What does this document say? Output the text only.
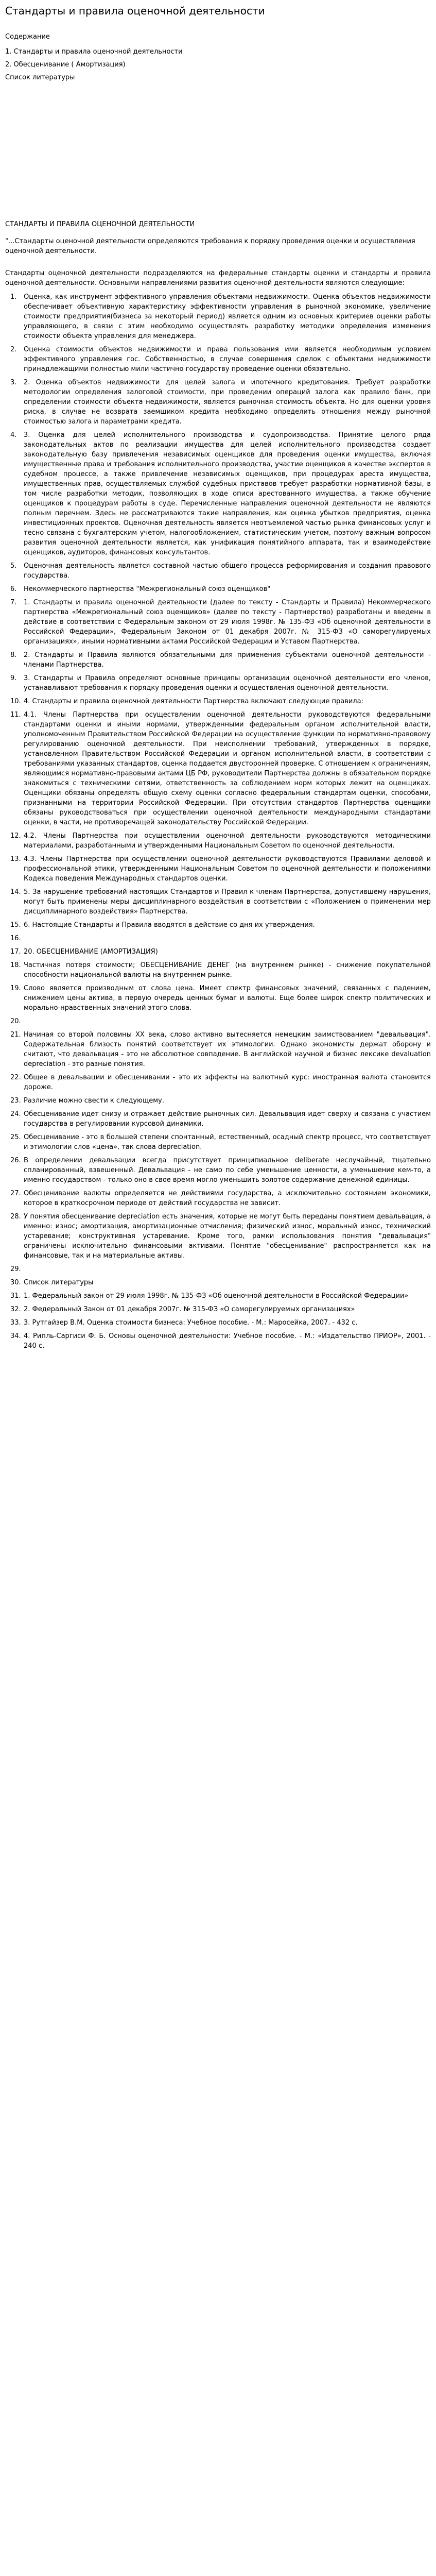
Стандарты и правила оценочной деятельности

Содержание

1. Стандарты и правила оценочной деятельности

2. Обесценивание ( Амортизация)

Список литературы

СТАНДАРТЫ И ПРАВИЛА ОЦЕНОЧНОЙ ДЕЯТЕЛЬНОСТИ

"...Стандарты оценочной деятельности определяются требования к порядку проведения оценки и осуществления оценочной деятельности.

Стандарты оценочной деятельности подразделяются на федеральные стандарты оценки и стандарты и правила оценочной деятельности. Основными направлениями развития оценочной деятельности являются следующие:

1.	Оценка, как инструмент эффективного управления объектами недвижимости. Оценка объектов недвижимости обеспечивает объективную характеристику эффективности управления в рыночной экономике, увеличение стоимости предприятия(бизнеса за некоторый период) является одним из основных критериев оценки работы управляющего, в связи с этим необходимо осуществлять разработку методики определения изменения стоимости объекта управления для менеджера.
2.	Оценка стоимости объектов недвижимости и права пользования ими является необходимым условием эффективного управления гос. Собственностью, в случае совершения сделок с объектами недвижимости принадлежащими полностью мили частично государству проведение оценки обязательно.
3.	2. Оценка объектов недвижимости для целей залога и ипотечного кредитования. Требует разработки методологии определения залоговой стоимости, при проведении операций залога как правило банк, при определении стоимости объекта недвижимости, является рыночная стоимость объекта. Но для оценки уровня риска, в случае не возврата заемщиком кредита необходимо определить отношения между рыночной стоимостью залога и параметрами кредита.
4.	3. Оценка для целей исполнительного производства и судопроизводства. Принятие целого ряда законодательных актов по реализации имущества для целей исполнительного производства создает законодательную базу привлечения независимых оценщиков для проведения оценки имущества, включая имущественные права и требования исполнительного производства, участие оценщиков в качестве экспертов в судебном процессе, а также привлечение независимых оценщиков, при процедурах ареста имущества, имущественных прав, осуществляемых службой судебных приставов требует разработки нормативной базы, в том числе разработки методик, позволяющих в ходе описи арестованного имущества, а также обучение оценщиков к процедурам работы в суде. Перечисленные направления оценочной деятельности не являются полным перечнем. Здесь не рассматриваются такие направления, как оценка убытков предприятия, оценка инвестиционных проектов. Оценочная деятельность является неотъемлемой частью рынка финансовых услуг и тесно связана с бухгалтерским учетом, налогообложением, статистическим учетом, поэтому важным вопросом развития оценочной деятельности является, как унификация понятийного аппарата, так и взаимодействие оценщиков, аудиторов, финансовых консультантов.
5.	Оценочная деятельность является составной частью общего процесса реформирования и создания правового государства.
6.	Некоммерческого партнерства "Межрегиональный союз оценщиков"
7.	1. Стандарты и правила оценочной деятельности (далее по тексту - Стандарты и Правила) Некоммерческого партнерства «Межрегиональный союз оценщиков» (далее по тексту - Партнерство) разработаны и введены в действие в соответствии с Федеральным законом от 29 июля 1998г. № 135-ФЗ «Об оценочной деятельности в Российской Федерации», Федеральным Законом от 01 декабря 2007г. № 315-ФЗ «О саморегулируемых организациях», иными нормативными актами Российской Федерации и Уставом Партнерства.
8.	2. Стандарты и Правила являются обязательными для применения субъектами оценочной деятельности - членами Партнерства.
9.	3. Стандарты и Правила определяют основные принципы организации оценочной деятельности его членов, устанавливают требования к порядку проведения оценки и осуществления оценочной деятельности.
10. 4. Стандарты и правила оценочной деятельности Партнерства включают следующие правила:
11. 4.1. Члены Партнерства при осуществлении оценочной деятельности руководствуются федеральными стандартами оценки и иными нормами, утвержденными федеральным органом исполнительной власти, уполномоченным Правительством Российской Федерации на осуществление функции по нормативно-правовому регулированию оценочной деятельности. При неисполнении требований, утвержденных в порядке, установленном Правительством Российской Федерации и органом исполнительной власти, в соответствии с требованиями указанных стандартов, оценка поддается двусторонней проверке. С отношением к ограничениям, являющимся нормативно-правовыми актами ЦБ РФ, руководители Партнерства должны в обязательном порядке знакомиться с техническими сетями, ответственность за соблюдением норм которых лежит на оценщиках. Оценщики обязаны определять общую схему оценки согласно федеральным стандартам оценки, способами, признанными на территории Российской Федерации. При отсутствии стандартов Партнерства оценщики обязаны руководствоваться при осуществлении оценочной деятельности международными стандартами оценки, в части, не противоречащей законодательству Российской Федерации.
12. 4.2. Члены Партнерства при осуществлении оценочной деятельности руководствуются методическими материалами, разработанными и утвержденными Национальным Советом по оценочной деятельности.
13. 4.3. Члены Партнерства при осуществлении оценочной деятельности руководствуются Правилами деловой и профессиональной этики, утвержденными Национальным Советом по оценочной деятельности и положениями Кодекса поведения Международных стандартов оценки.
14. 5. За нарушение требований настоящих Стандартов и Правил к членам Партнерства, допустившему нарушения, могут быть применены меры дисциплинарного воздействия в соответствии с «Положением о применении мер дисциплинарного воздействия» Партнерства.
15. 6. Настоящие Стандарты и Правила вводятся в действие со дня их утверждения.
16.
17. 20. ОБЕСЦЕНИВАНИЕ (АМОРТИЗАЦИЯ)
18. Частичная потеря стоимости; ОБЕСЦЕНИВАНИЕ ДЕНЕГ (на внутреннем рынке) - снижение покупательной способности национальной валюты на внутреннем рынке.
19. Слово является производным от слова цена. Имеет спектр финансовых значений, связанных с падением, снижением цены актива, в первую очередь ценных бумаг и валюты. Еще более широк спектр политических и морально-нравственных значений этого слова.
20.
21. Начиная со второй половины XX века, слово активно вытесняется немецким заимствованием "девальвация". Содержательная близость понятий соответствует их этимологии. Однако экономисты держат оборону и считают, что девальвация - это не абсолютное совпадение. В английской научной и бизнес лексике devaluation depreciation - это разные понятия.
22. Общее в девальвации и обесценивании - это их эффекты на валютный курс: иностранная валюта становится дороже.
23. Различие можно свести к следующему.
24. Обесценивание идет снизу и отражает действие рыночных сил. Девальвация идет сверху и связана с участием государства в регулировании курсовой динамики.
25. Обесценивание - это в большей степени спонтанный, естественный, осадный спектр процесс, что соответствует и этимологии слов «цена», так слова depreciation.
26. В определении девальвации всегда присутствует принципиальное deliberate неслучайный, тщательно спланированный, взвешенный. Девальвация - не само по себе уменьшение ценности, а уменьшение кем-то, а именно государством - только оно в свое время могло уменьшить золотое содержание денежной единицы.
27. Обесценивание валюты определяется не действиями государства, а исключительно состоянием экономики, которое в краткосрочном периоде от действий государства не зависит.
28. У понятия обесценивание depreciation есть значения, которые не могут быть переданы понятием девальвация, а именно: износ; амортизация, амортизационные отчисления; физический износ, моральный износ, технический устаревание; конструктивная устаревание. Кроме того, рамки использования понятия "девальвация" ограничены исключительно финансовыми активами. Понятие "обесценивание" распространяется как на финансовые, так и на материальные активы.
29.
30. Список литературы
31. 1. Федеральный закон от 29 июля 1998г. № 135-ФЗ «Об оценочной деятельности в Российской Федерации»
32. 2. Федеральный Закон от 01 декабря 2007г. № 315-ФЗ «О саморегулируемых организациях»
33. 3. Рутгайзер В.М. Оценка стоимости бизнеса: Учебное пособие. - М.: Маросейка, 2007. - 432 с.
34. 4. Рипль-Саргиси Ф. Б. Основы оценочной деятельности: Учебное пособие. - М.: «Издательство ПРИОР», 2001. - 240 с.
